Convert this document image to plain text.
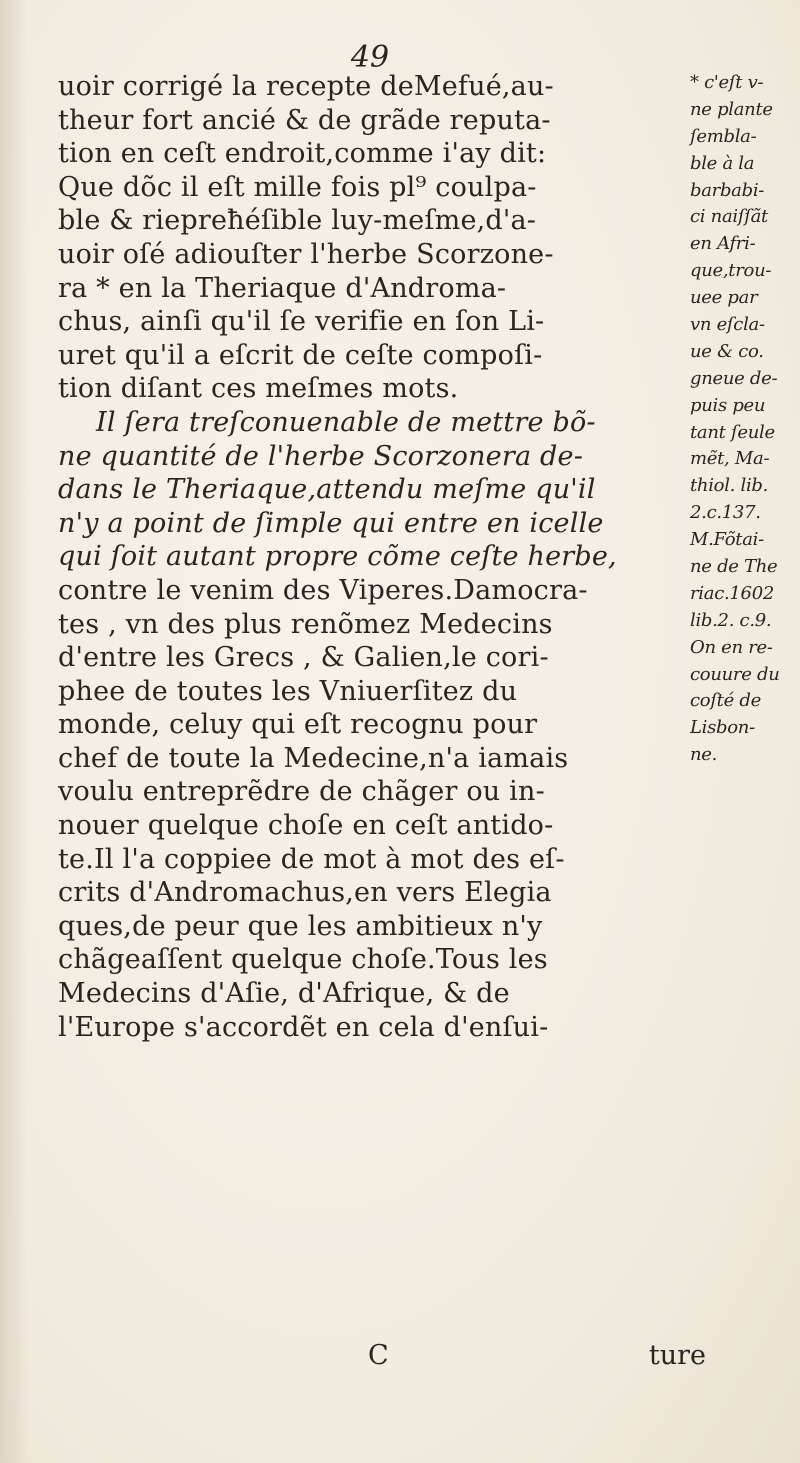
49
uoir corrigé la recepte deMefué,au-
theur fort ancié & de grãde reputa-
tion en ceſt endroit,comme i'ay dit:
Que dõc il eſt mille fois pl⁹ coulpa-
ble & riepreħéſible luy-meſme,d'a-
uoir oſé adiouſter l'herbe Scorzone-
ra * en la Theriaque d'Androma-
chus, ainſi qu'il ſe verifie en ſon Li-
uret qu'il a eſcrit de ceſte compoſi-
tion diſant ces meſmes mots.
Il ſera treſconuenable de mettre bõ-
ne quantité de l'herbe Scorzonera de-
dans le Theriaque,attendu meſme qu'il
n'y a point de ſimple qui entre en icelle
qui ſoit autant propre cõme ceſte herbe,
contre le venim des Viperes.Damocra-
tes , vn des plus renõmez Medecins
d'entre les Grecs , & Galien,le cori-
phee de toutes les Vniuerſitez du
monde, celuy qui eſt recognu pour
chef de toute la Medecine,n'a iamais
voulu entreprẽdre de chãger ou in-
nouer quelque choſe en ceſt antido-
te.Il l'a coppiee de mot à mot des eſ-
crits d'Andromachus,en vers Elegia
ques,de peur que les ambitieux n'y
chãgeaſſent quelque choſe.Tous les
Medecins d'Aſie, d'Afrique, & de
l'Europe s'accordẽt en cela d'enſui-
C	ture
* c'eſt v-
ne plante
ſembla-
ble à la
barbabi-
ci naiſſãt
en Afri-
que,trou-
uee par
vn eſcla-
ue & co.
gneue de-
puis peu
tant ſeule
mẽt, Ma-
thiol. lib.
2.c.137.
M.Fõtai-
ne de The
riac.1602
lib.2. c.9.
On en re-
couure du
coſté de
Lisbon-
ne.
